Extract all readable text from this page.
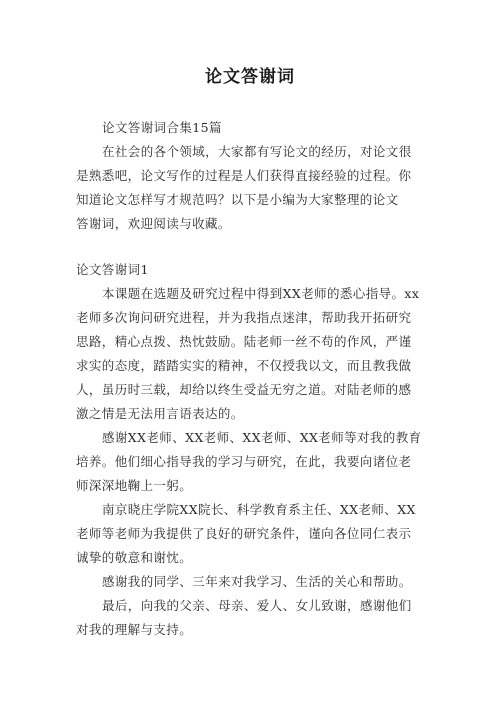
论文答谢词
论文答谢词合集15篇
在社会的各个领域，大家都有写论文的经历，对论文很
是熟悉吧，论文写作的过程是人们获得直接经验的过程。你
知道论文怎样写才规范吗？以下是小编为大家整理的论文
答谢词，欢迎阅读与收藏。
论文答谢词1
本课题在选题及研究过程中得到XX老师的悉心指导。xx
老师多次询问研究进程，并为我指点迷津，帮助我开拓研究
思路，精心点拨、热忱鼓励。陆老师一丝不苟的作风，严谨
求实的态度，踏踏实实的精神，不仅授我以文，而且教我做
人，虽历时三载，却给以终生受益无穷之道。对陆老师的感
激之情是无法用言语表达的。
感谢XX老师、XX老师、XX老师、XX老师等对我的教育
培养。他们细心指导我的学习与研究，在此，我要向诸位老
师深深地鞠上一躬。
南京晓庄学院XX院长、科学教育系主任、XX老师、XX
老师等老师为我提供了良好的研究条件，谨向各位同仁表示
诚挚的敬意和谢忱。
感谢我的同学、三年来对我学习、生活的关心和帮助。
最后，向我的父亲、母亲、爱人、女儿致谢，感谢他们
对我的理解与支持。
